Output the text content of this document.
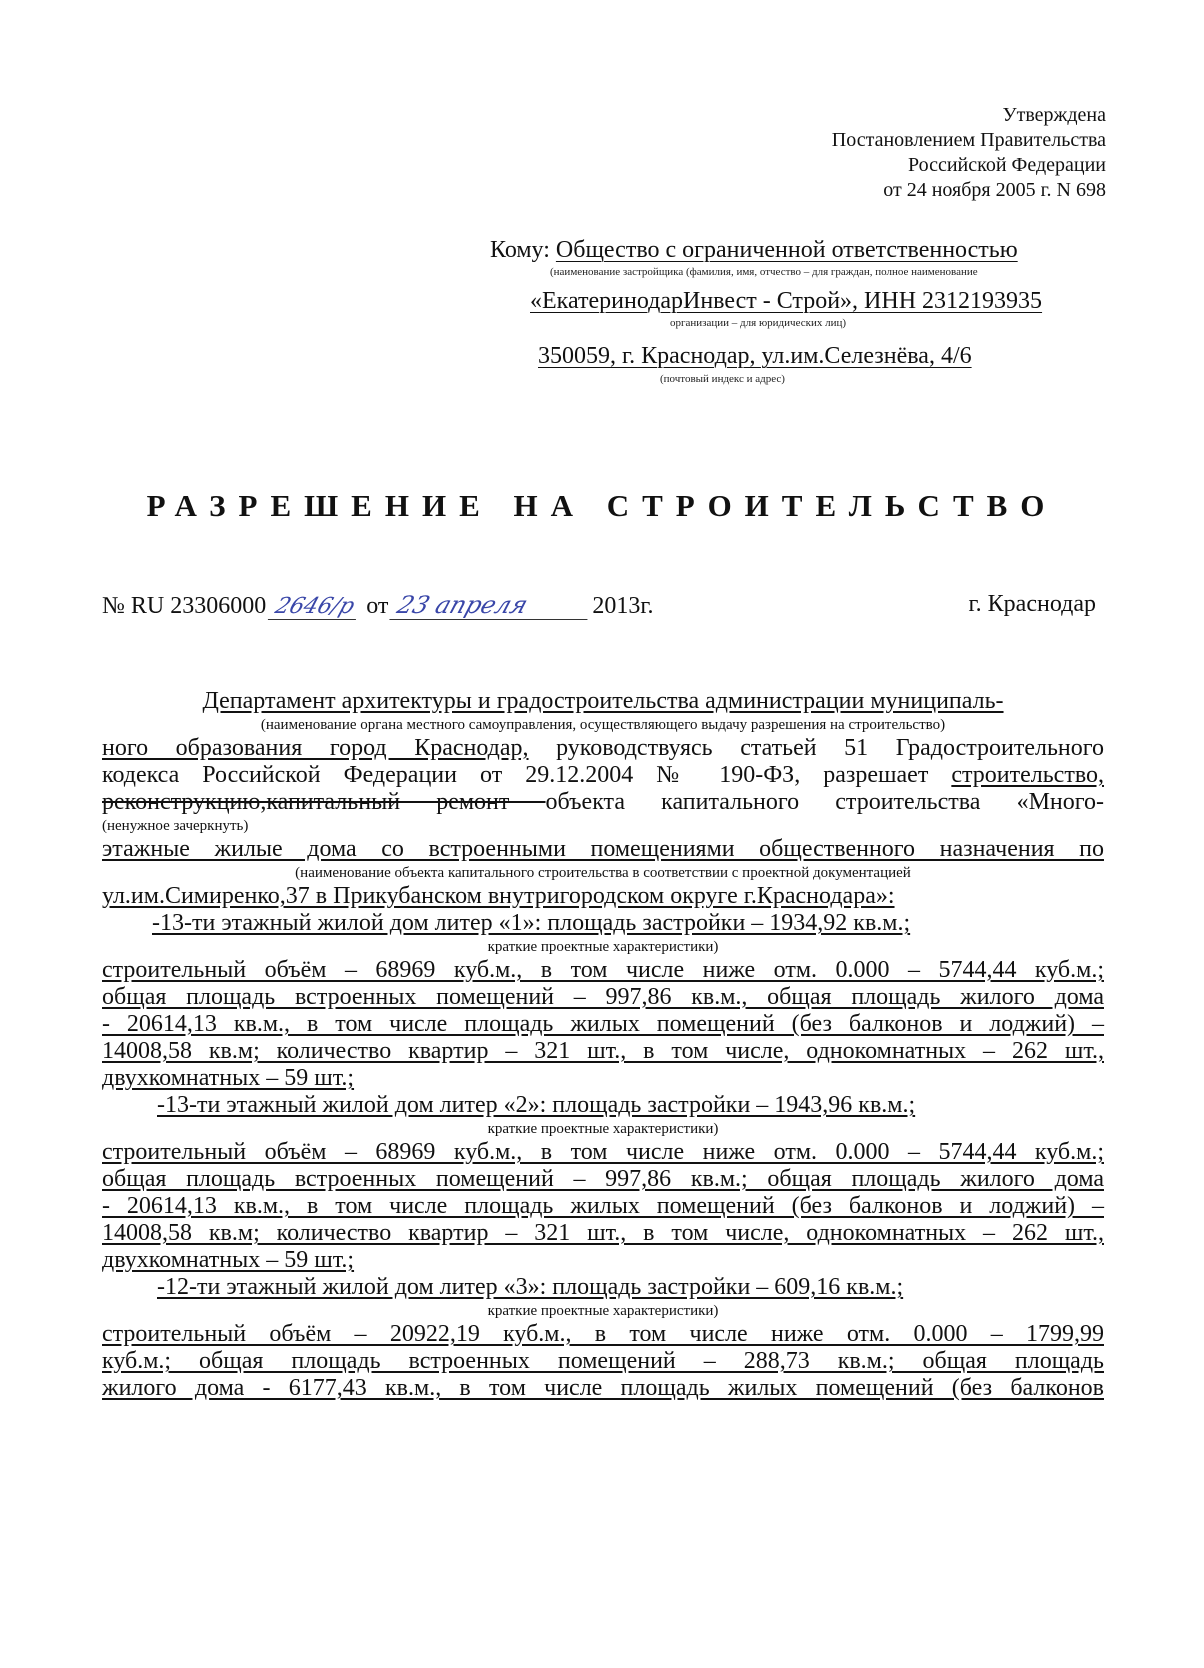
Утверждена
Постановлением Правительства
Российской Федерации
от 24 ноября 2005 г. N 698
Кому: Общество с ограниченной ответственностью
(наименование застройщика (фамилия, имя, отчество – для граждан, полное наименование
«ЕкатеринодарИнвест - Строй», ИНН 2312193935
организации – для юридических лиц)
350059, г. Краснодар, ул.им.Селезнёва, 4/6
(почтовый индекс и адрес)
РАЗРЕШЕНИЕ НА СТРОИТЕЛЬСТВО
№ RU 23306000 2646/р от 23 апреля	2013г.	г. Краснодар
Департамент архитектуры и градостроительства администрации муниципаль-
(наименование органа местного самоуправления, осуществляющего выдачу разрешения на строительство)
ного образования город Краснодар, руководствуясь статьей 51 Градостроительного
кодекса Российской Федерации от 29.12.2004 № 190-ФЗ, разрешает строительство,
реконструкцию,капитальный ремонт объекта капитального строительства «Много-
(ненужное зачеркнуть)
этажные жилые дома со встроенными помещениями общественного назначения по
(наименование объекта капитального строительства в соответствии с проектной документацией
ул.им.Симиренко,37 в Прикубанском внутригородском округе г.Краснодара»:
-13-ти этажный жилой дом литер «1»: площадь застройки – 1934,92 кв.м.;
краткие проектные характеристики)
строительный объём – 68969 куб.м., в том числе ниже отм. 0.000 – 5744,44 куб.м.;
общая площадь встроенных помещений – 997,86 кв.м., общая площадь жилого дома
- 20614,13 кв.м., в том числе площадь жилых помещений (без балконов и лоджий) –
14008,58 кв.м; количество квартир – 321 шт., в том числе, однокомнатных – 262 шт.,
двухкомнатных – 59 шт.;
-13-ти этажный жилой дом литер «2»: площадь застройки – 1943,96 кв.м.;
краткие проектные характеристики)
строительный объём – 68969 куб.м., в том числе ниже отм. 0.000 – 5744,44 куб.м.;
общая площадь встроенных помещений – 997,86 кв.м.; общая площадь жилого дома
- 20614,13 кв.м., в том числе площадь жилых помещений (без балконов и лоджий) –
14008,58 кв.м; количество квартир – 321 шт., в том числе, однокомнатных – 262 шт.,
двухкомнатных – 59 шт.;
-12-ти этажный жилой дом литер «3»: площадь застройки – 609,16 кв.м.;
краткие проектные характеристики)
строительный объём – 20922,19 куб.м., в том числе ниже отм. 0.000 – 1799,99
куб.м.; общая площадь встроенных помещений – 288,73 кв.м.; общая площадь
жилого дома - 6177,43 кв.м., в том числе площадь жилых помещений (без балконов
